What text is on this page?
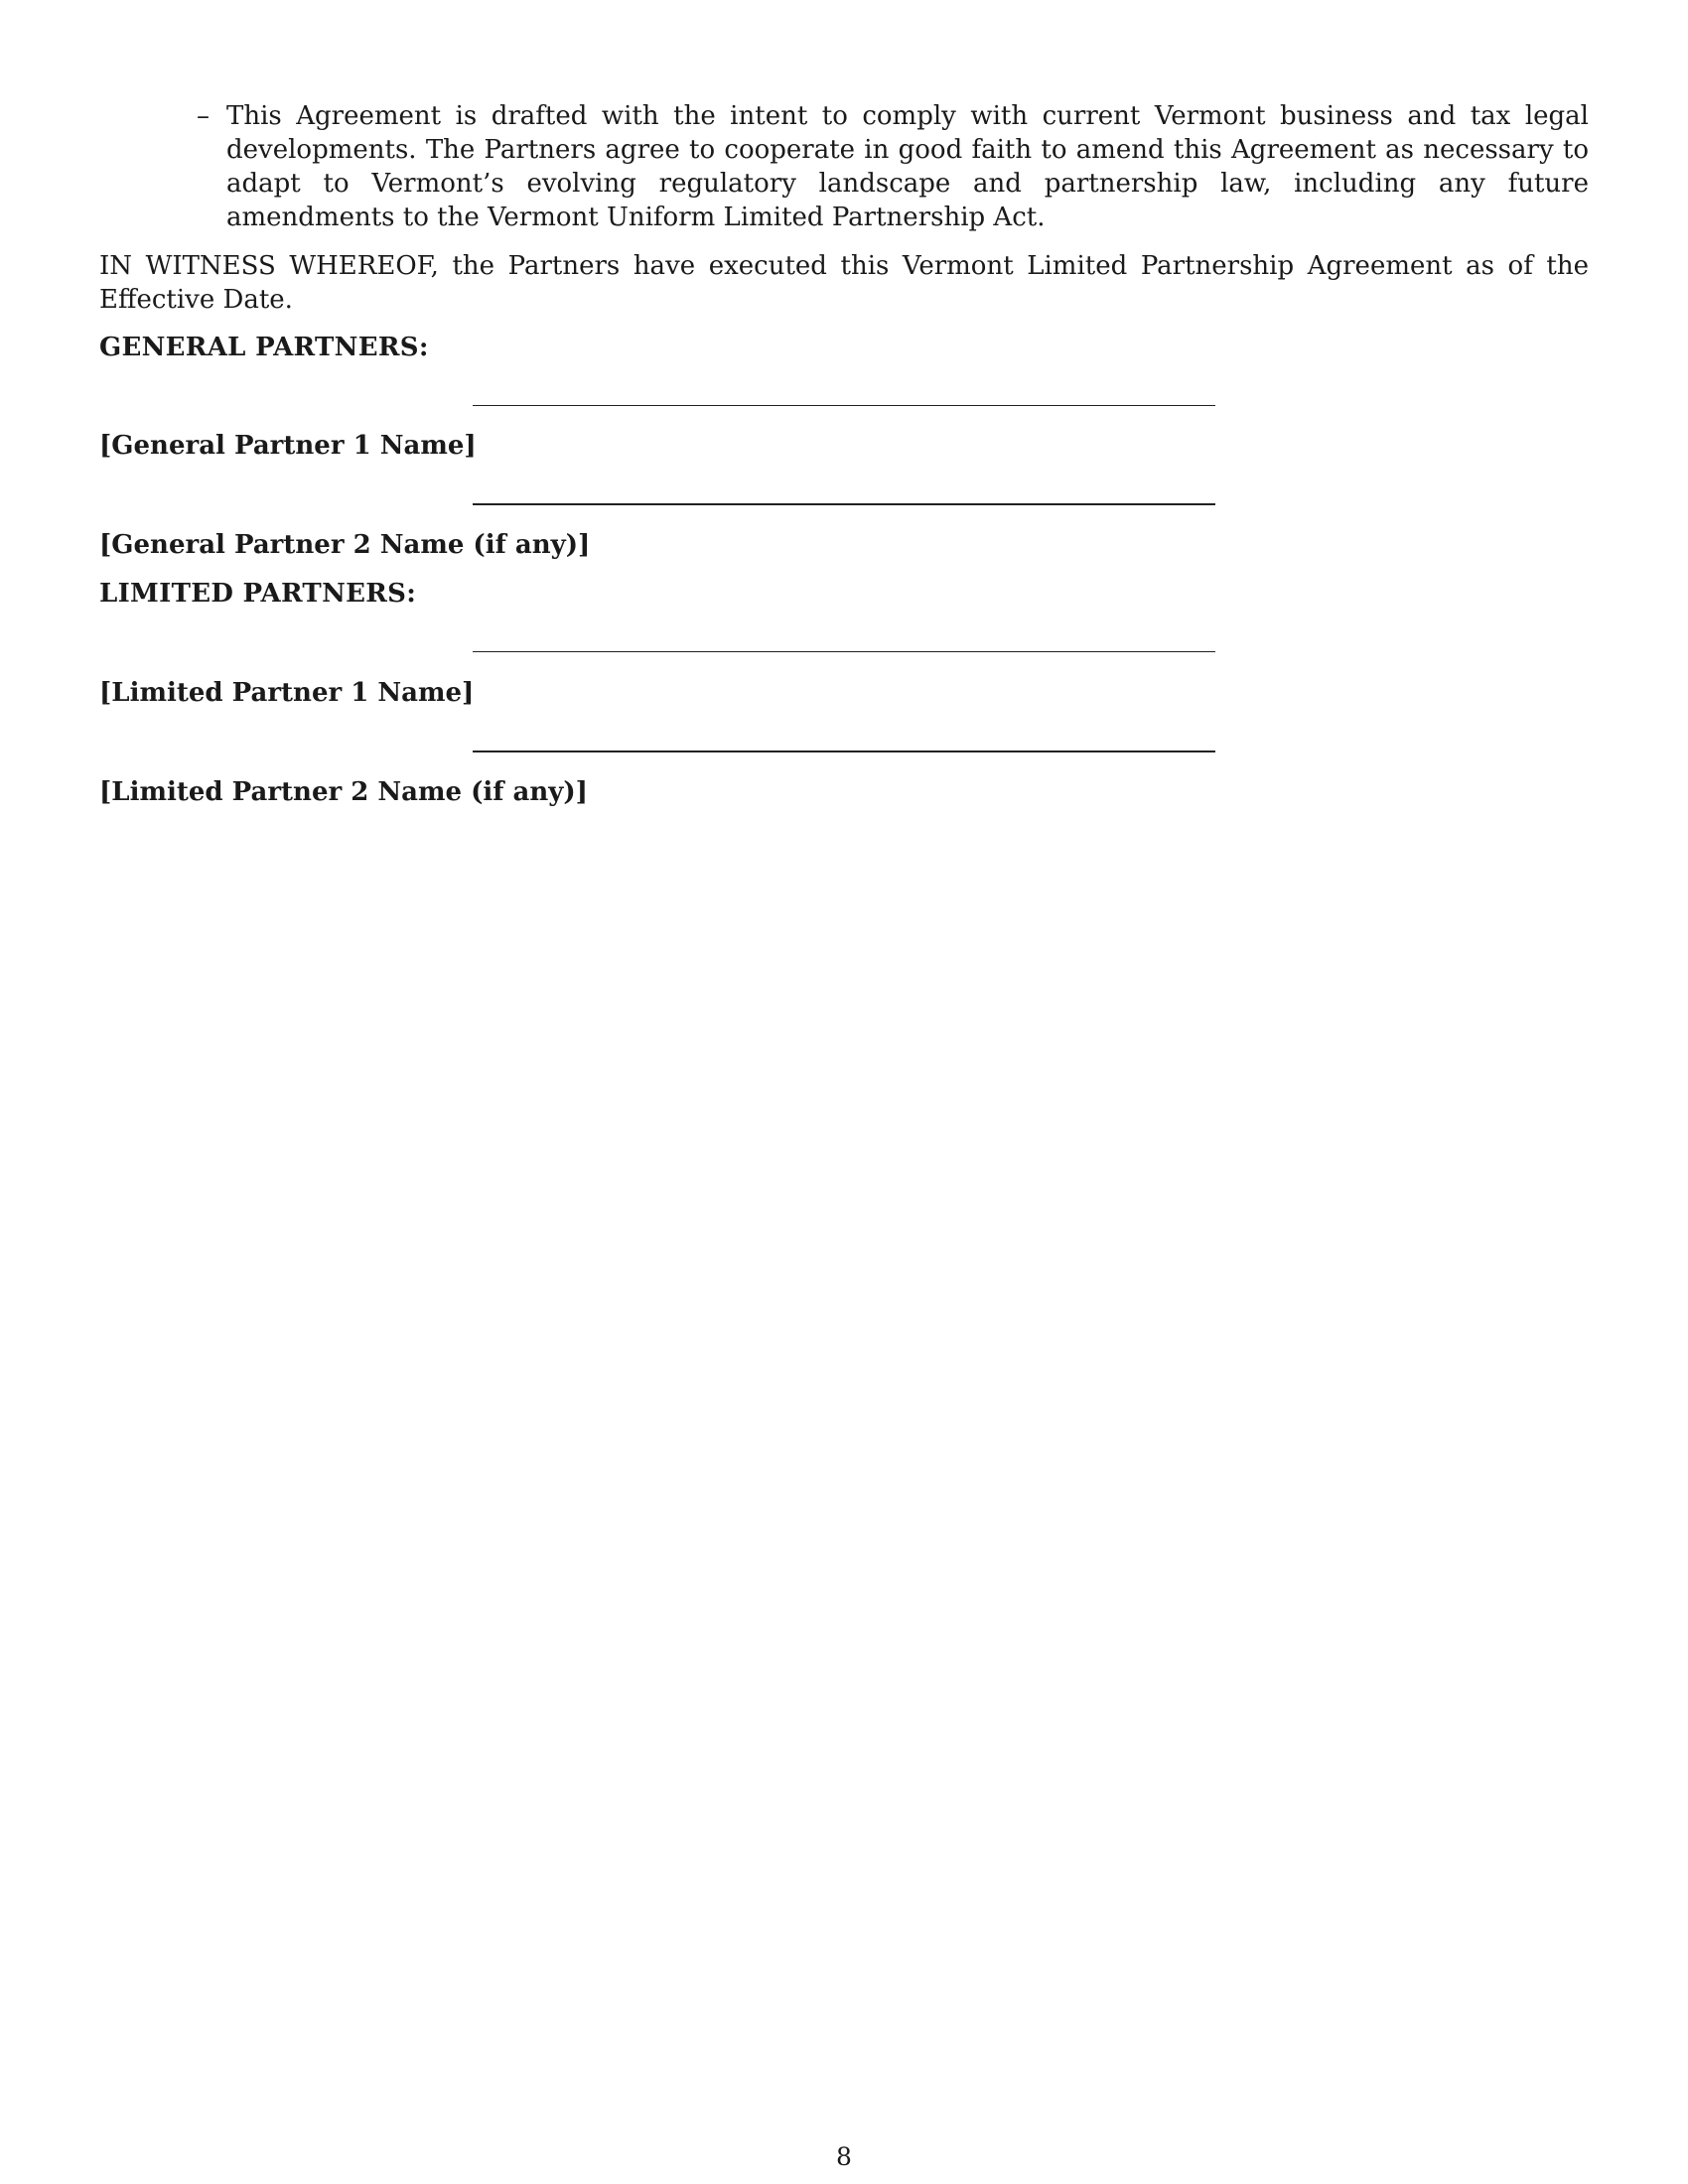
– This Agreement is drafted with the intent to comply with current Vermont business and tax legal developments. The Partners agree to cooperate in good faith to amend this Agreement as necessary to adapt to Vermont’s evolving regulatory landscape and partnership law, including any future amendments to the Vermont Uniform Limited Partnership Act.

IN WITNESS WHEREOF, the Partners have executed this Vermont Limited Partnership Agreement as of the Effective Date.

GENERAL PARTNERS:
[General Partner 1 Name]
[General Partner 2 Name (if any)]
LIMITED PARTNERS:
[Limited Partner 1 Name]
[Limited Partner 2 Name (if any)]
8
